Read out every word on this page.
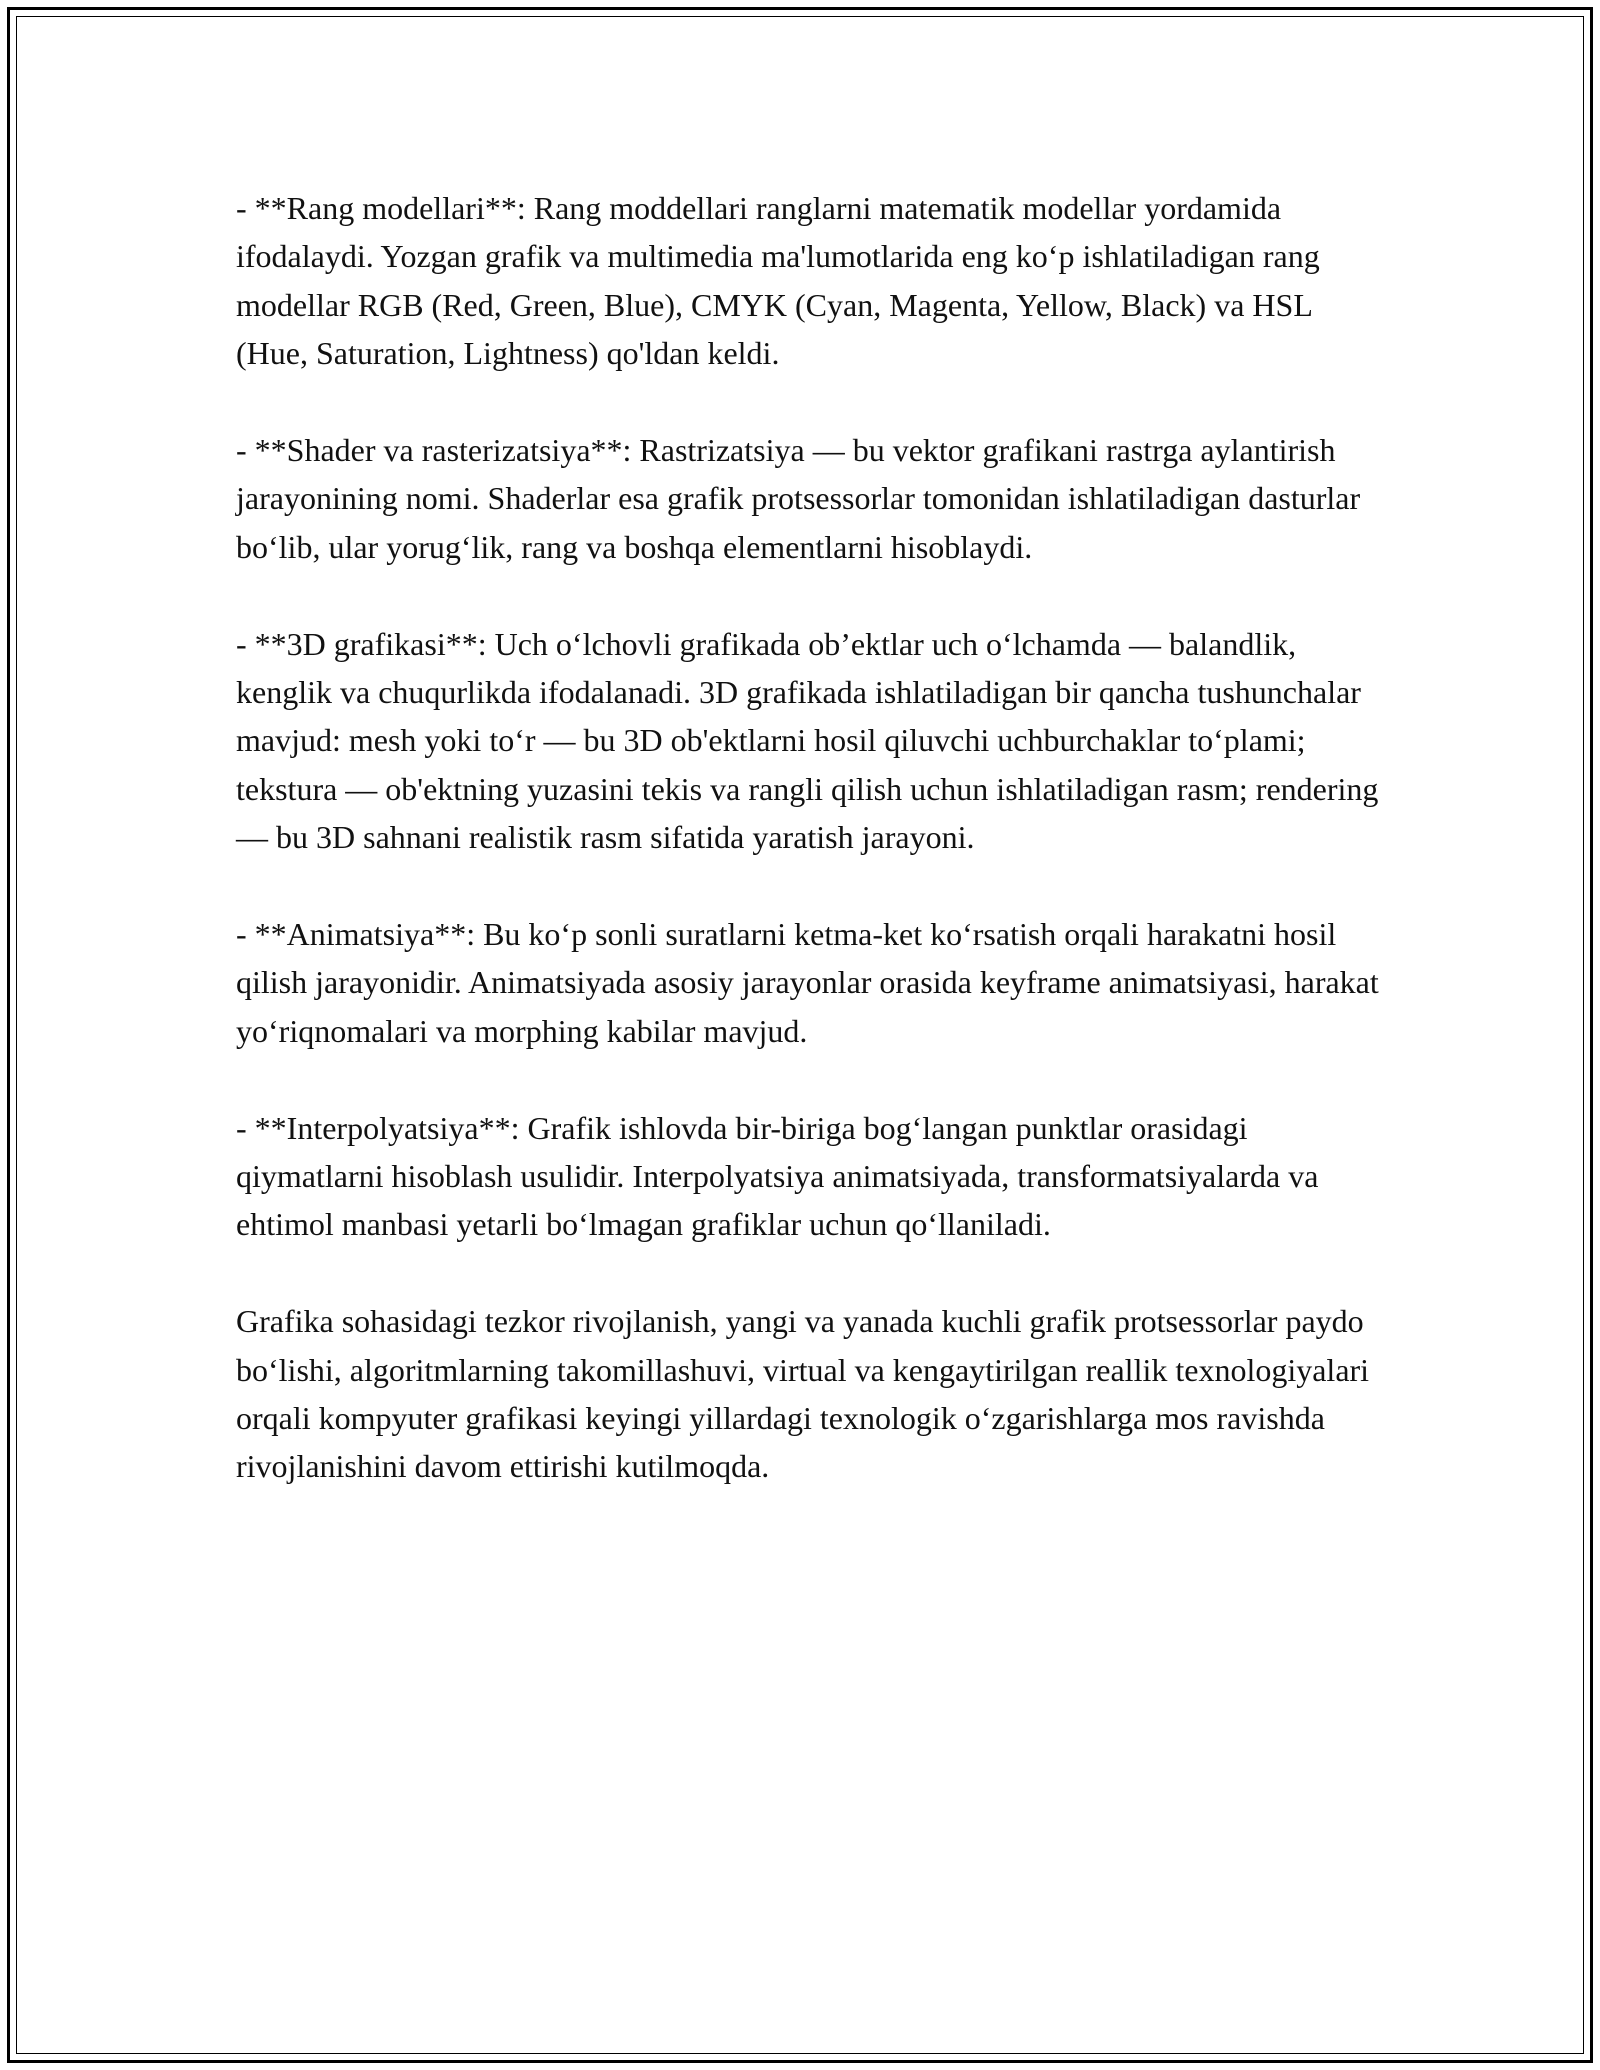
- **Rang modellari**: Rang moddellari ranglarni matematik modellar yordamida ifodalaydi. Yozgan grafik va multimedia ma'lumotlarida eng ko‘p ishlatiladigan rang modellar RGB (Red, Green, Blue), CMYK (Cyan, Magenta, Yellow, Black) va HSL (Hue, Saturation, Lightness) qo'ldan keldi.

- **Shader va rasterizatsiya**: Rastrizatsiya — bu vektor grafikani rastrga aylantirish jarayonining nomi. Shaderlar esa grafik protsessorlar tomonidan ishlatiladigan dasturlar bo‘lib, ular yorug‘lik, rang va boshqa elementlarni hisoblaydi.

- **3D grafikasi**: Uch o‘lchovli grafikada ob’ektlar uch o‘lchamda — balandlik, kenglik va chuqurlikda ifodalanadi. 3D grafikada ishlatiladigan bir qancha tushunchalar mavjud: mesh yoki to‘r — bu 3D ob'ektlarni hosil qiluvchi uchburchaklar to‘plami; tekstura — ob'ektning yuzasini tekis va rangli qilish uchun ishlatiladigan rasm; rendering — bu 3D sahnani realistik rasm sifatida yaratish jarayoni.

- **Animatsiya**: Bu ko‘p sonli suratlarni ketma-ket ko‘rsatish orqali harakatni hosil qilish jarayonidir. Animatsiyada asosiy jarayonlar orasida keyframe animatsiyasi, harakat yo‘riqnomalari va morphing kabilar mavjud.

- **Interpolyatsiya**: Grafik ishlovda bir-biriga bog‘langan punktlar orasidagi qiymatlarni hisoblash usulidir. Interpolyatsiya animatsiyada, transformatsiyalarda va ehtimol manbasi yetarli bo‘lmagan grafiklar uchun qo‘llaniladi.

Grafika sohasidagi tezkor rivojlanish, yangi va yanada kuchli grafik protsessorlar paydo bo‘lishi, algoritmlarning takomillashuvi, virtual va kengaytirilgan reallik texnologiyalari orqali kompyuter grafikasi keyingi yillardagi texnologik o‘zgarishlarga mos ravishda rivojlanishini davom ettirishi kutilmoqda.
